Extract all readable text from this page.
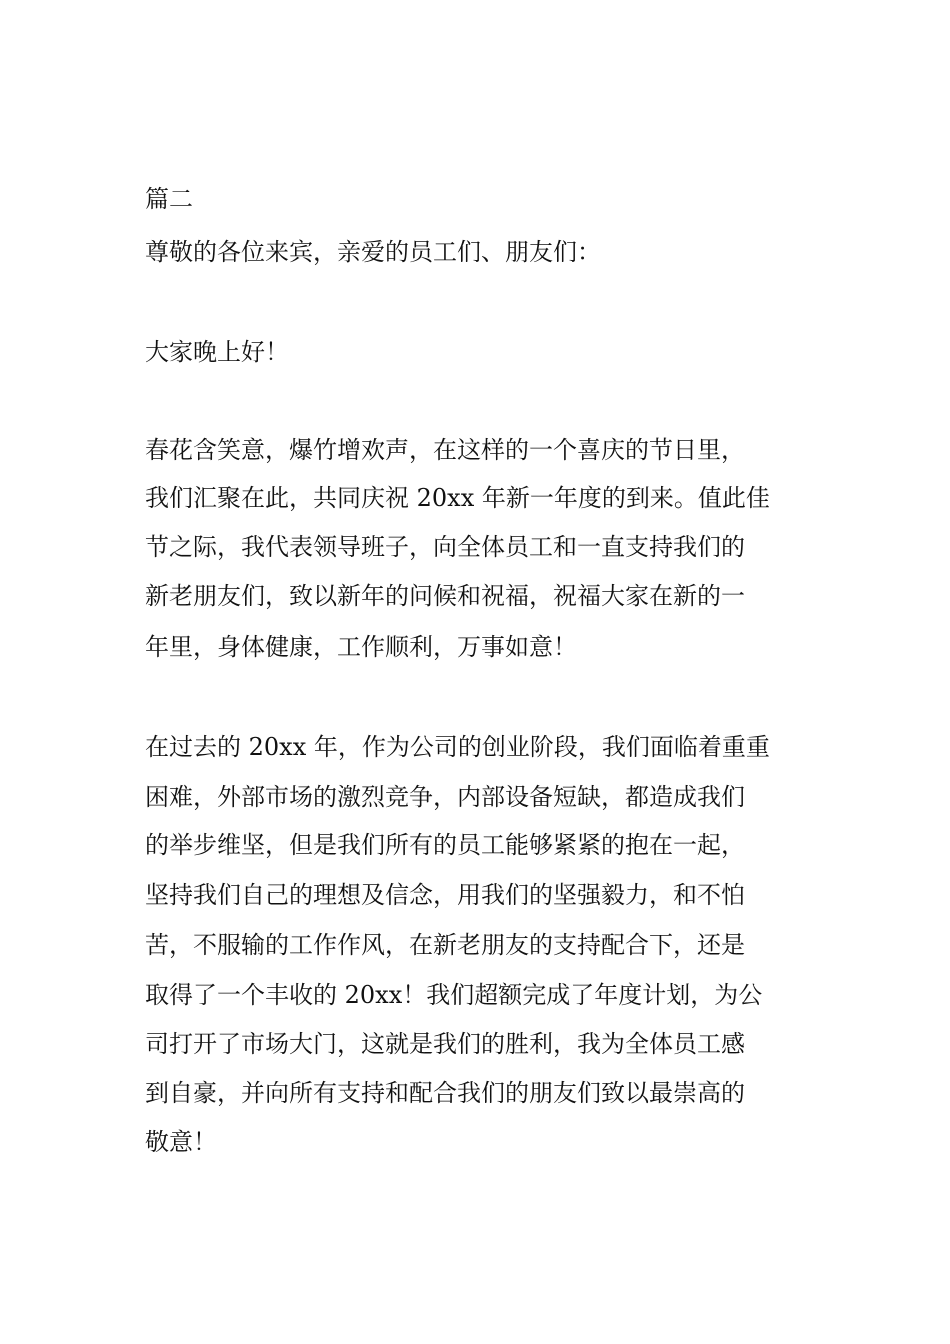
篇二

尊敬的各位来宾，亲爱的员工们、朋友们：

大家晚上好！

春花含笑意，爆竹增欢声，在这样的一个喜庆的节日里，

我们汇聚在此，共同庆祝 20xx 年新一年度的到来。值此佳

节之际，我代表领导班子，向全体员工和一直支持我们的

新老朋友们，致以新年的问候和祝福，祝福大家在新的一

年里，身体健康，工作顺利，万事如意！

在过去的 20xx 年，作为公司的创业阶段，我们面临着重重

困难，外部市场的激烈竞争，内部设备短缺，都造成我们

的举步维坚，但是我们所有的员工能够紧紧的抱在一起，

坚持我们自己的理想及信念，用我们的坚强毅力，和不怕

苦，不服输的工作作风，在新老朋友的支持配合下，还是

取得了一个丰收的 20xx！我们超额完成了年度计划，为公

司打开了市场大门，这就是我们的胜利，我为全体员工感

到自豪，并向所有支持和配合我们的朋友们致以最崇高的

敬意！
